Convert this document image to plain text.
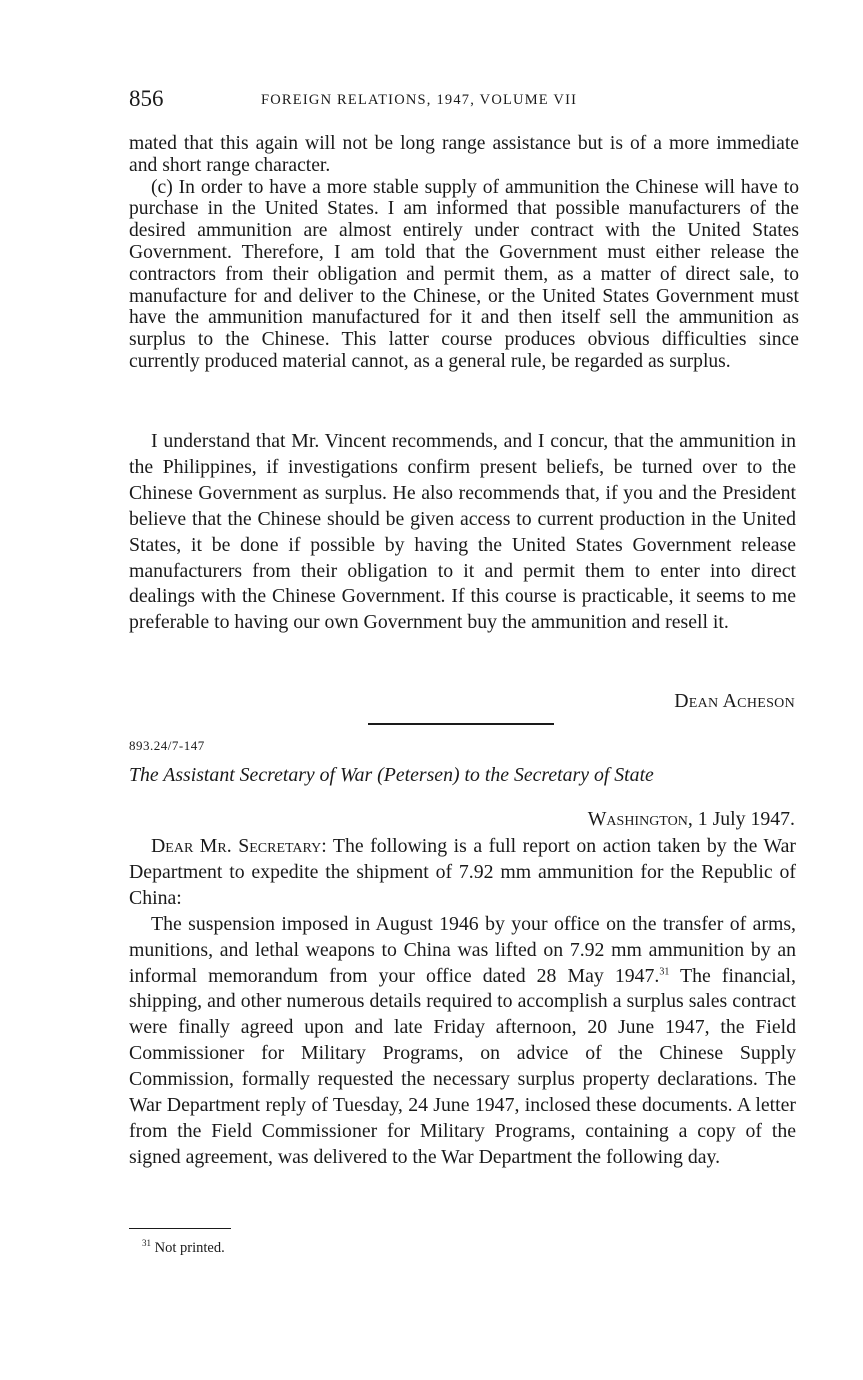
856	FOREIGN RELATIONS, 1947, VOLUME VII

mated that this again will not be long range assistance but is of a more immediate and short range character.

(c) In order to have a more stable supply of ammunition the Chinese will have to purchase in the United States. I am informed that possible manufacturers of the desired ammunition are almost entirely under contract with the United States Government. Therefore, I am told that the Government must either release the contractors from their obligation and permit them, as a matter of direct sale, to manufacture for and deliver to the Chinese, or the United States Government must have the ammunition manufactured for it and then itself sell the ammunition as surplus to the Chinese. This latter course produces obvious difficulties since currently produced material cannot, as a general rule, be regarded as surplus.

I understand that Mr. Vincent recommends, and I concur, that the ammunition in the Philippines, if investigations confirm present beliefs, be turned over to the Chinese Government as surplus. He also recommends that, if you and the President believe that the Chinese should be given access to current production in the United States, it be done if possible by having the United States Government release manufacturers from their obligation to it and permit them to enter into direct dealings with the Chinese Government. If this course is practicable, it seems to me preferable to having our own Government buy the ammunition and resell it.

Dean Acheson
893.24/7-147
The Assistant Secretary of War (Petersen) to the Secretary of State
Washington, 1 July 1947.

Dear Mr. Secretary: The following is a full report on action taken by the War Department to expedite the shipment of 7.92 mm ammunition for the Republic of China:

The suspension imposed in August 1946 by your office on the transfer of arms, munitions, and lethal weapons to China was lifted on 7.92 mm ammunition by an informal memorandum from your office dated 28 May 1947.31 The financial, shipping, and other numerous details required to accomplish a surplus sales contract were finally agreed upon and late Friday afternoon, 20 June 1947, the Field Commissioner for Military Programs, on advice of the Chinese Supply Commission, formally requested the necessary surplus property declarations. The War Department reply of Tuesday, 24 June 1947, inclosed these documents. A letter from the Field Commissioner for Military Programs, containing a copy of the signed agreement, was delivered to the War Department the following day.

$^{31}$ Not printed.
